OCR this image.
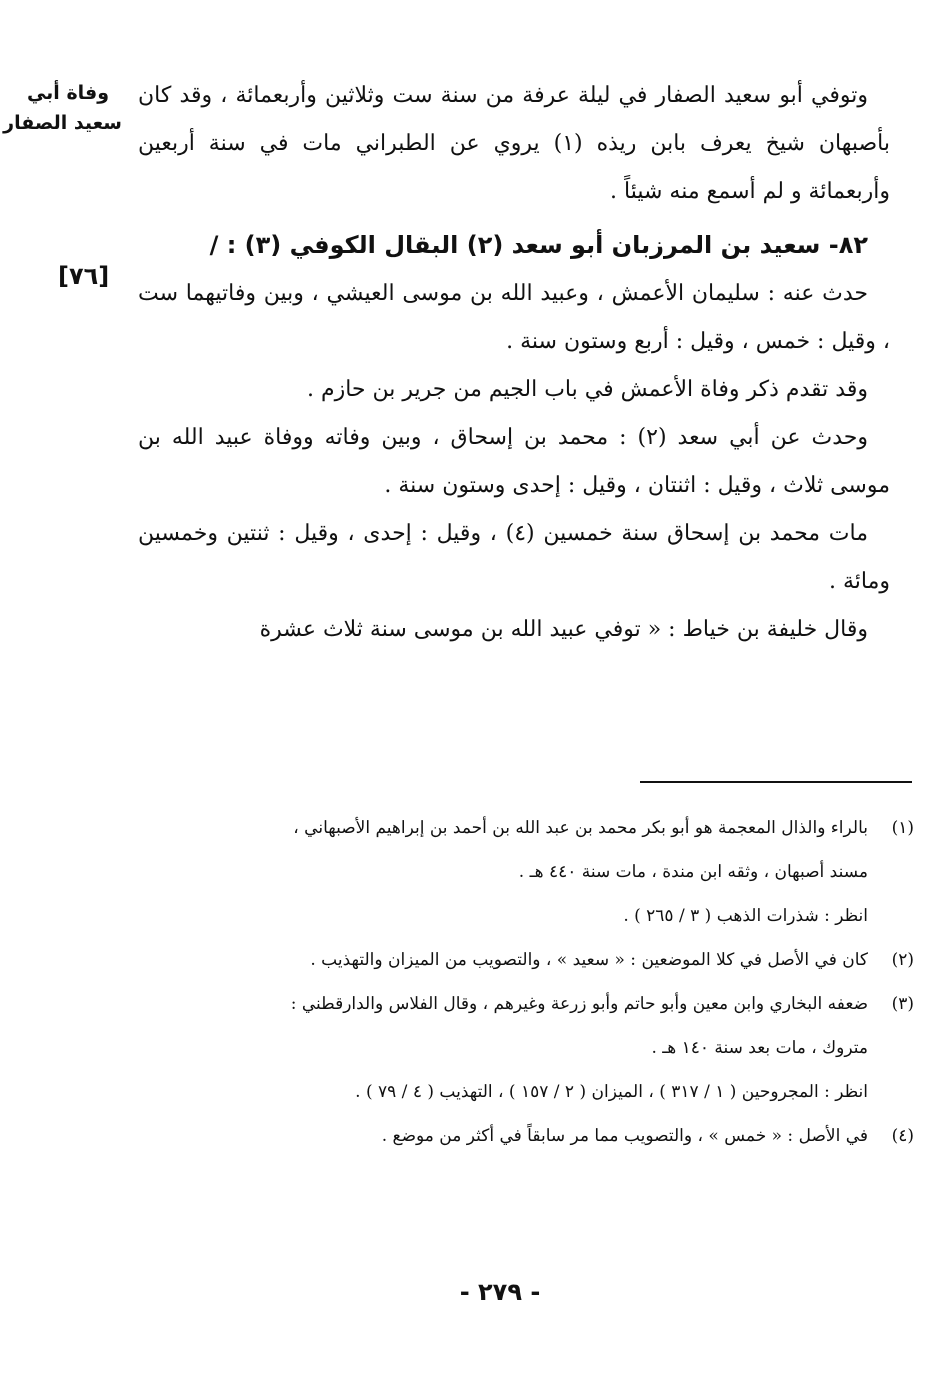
وفاة أبي
سعيد الصفار
[٧٦]

وتوفي أبو سعيد الصفار في ليلة عرفة من سنة ست وثلاثين وأربعمائة ، وقد كان بأصبهان شيخ يعرف بابن ريذه (١) يروي عن الطبراني مات في سنة أربعين وأربعمائة و لم أسمع منه شيئاً .

٨٢- سعيد بن المرزبان أبو سعد (٢) البقال الكوفي (٣) : /

حدث عنه : سليمان الأعمش ، وعبيد الله بن موسى العيشي ، وبين وفاتيهما ست ، وقيل : خمس ، وقيل : أربع وستون سنة .

وقد تقدم ذكر وفاة الأعمش في باب الجيم من جرير بن حازم .

وحدث عن أبي سعد (٢) : محمد بن إسحاق ، وبين وفاته ووفاة عبيد الله بن موسى ثلاث ، وقيل : اثنتان ، وقيل : إحدى وستون سنة .

مات محمد بن إسحاق سنة خمسين (٤) ، وقيل : إحدى ، وقيل : ثنتين وخمسين ومائة .

وقال خليفة بن خياط : « توفي عبيد الله بن موسى سنة ثلاث عشرة

(١)
بالراء والذال المعجمة هو أبو بكر محمد بن عبد الله بن أحمد بن إبراهيم الأصبهاني ،
مسند أصبهان ، وثقه ابن مندة ، مات سنة ٤٤٠ هـ .
انظر : شذرات الذهب ( ٣ / ٢٦٥ ) .
(٢)
كان في الأصل في كلا الموضعين : « سعيد » ، والتصويب من الميزان والتهذيب .
(٣)
ضعفه البخاري وابن معين وأبو حاتم وأبو زرعة وغيرهم ، وقال الفلاس والدارقطني :
متروك ، مات بعد سنة ١٤٠ هـ .
انظر : المجروحين ( ١ / ٣١٧ ) ، الميزان ( ٢ / ١٥٧ ) ، التهذيب ( ٤ / ٧٩ ) .
(٤)
في الأصل : « خمس » ، والتصويب مما مر سابقاً في أكثر من موضع .
- ٢٧٩ -
